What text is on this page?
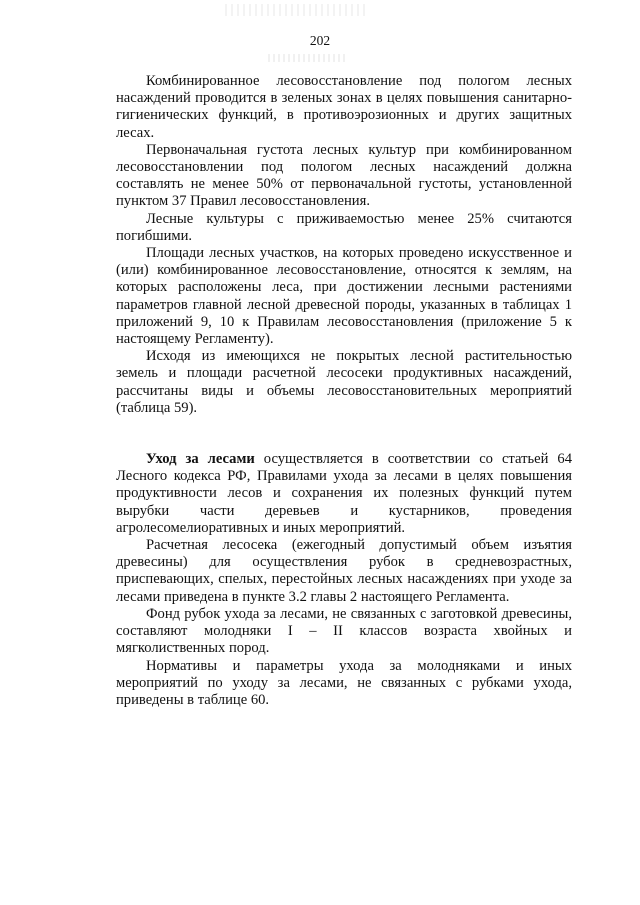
202

Комбинированное лесовосстановление под пологом лесных насаждений проводится в зеленых зонах в целях повышения санитарно-гигиенических функций, в противоэрозионных и других защитных лесах.

Первоначальная густота лесных культур при комбинированном лесовосстановлении под пологом лесных насаждений должна составлять не менее 50% от первоначальной густоты, установленной пунктом 37 Правил лесовосстановления.

Лесные культуры с приживаемостью менее 25% считаются погибшими.

Площади лесных участков, на которых проведено искусственное и (или) комбинированное лесовосстановление, относятся к землям, на которых расположены леса, при достижении лесными растениями параметров главной лесной древесной породы, указанных в таблицах 1 приложений 9, 10 к Правилам лесовосстановления (приложение 5 к настоящему Регламенту).

Исходя из имеющихся не покрытых лесной растительностью земель и площади расчетной лесосеки продуктивных насаждений, рассчитаны виды и объемы лесовосстановительных мероприятий (таблица 59).

Уход за лесами осуществляется в соответствии со статьей 64 Лесного кодекса РФ, Правилами ухода за лесами в целях повышения продуктивности лесов и сохранения их полезных функций путем вырубки части деревьев и кустарников, проведения агролесомелиоративных и иных мероприятий.

Расчетная лесосека (ежегодный допустимый объем изъятия древесины) для осуществления рубок в средневозрастных, приспевающих, спелых, перестойных лесных насаждениях при уходе за лесами приведена в пункте 3.2 главы 2 настоящего Регламента.

Фонд рубок ухода за лесами, не связанных с заготовкой древесины, составляют молодняки I – II классов возраста хвойных и мягколиственных пород.

Нормативы и параметры ухода за молодняками и иных мероприятий по уходу за лесами, не связанных с рубками ухода, приведены в таблице 60.
